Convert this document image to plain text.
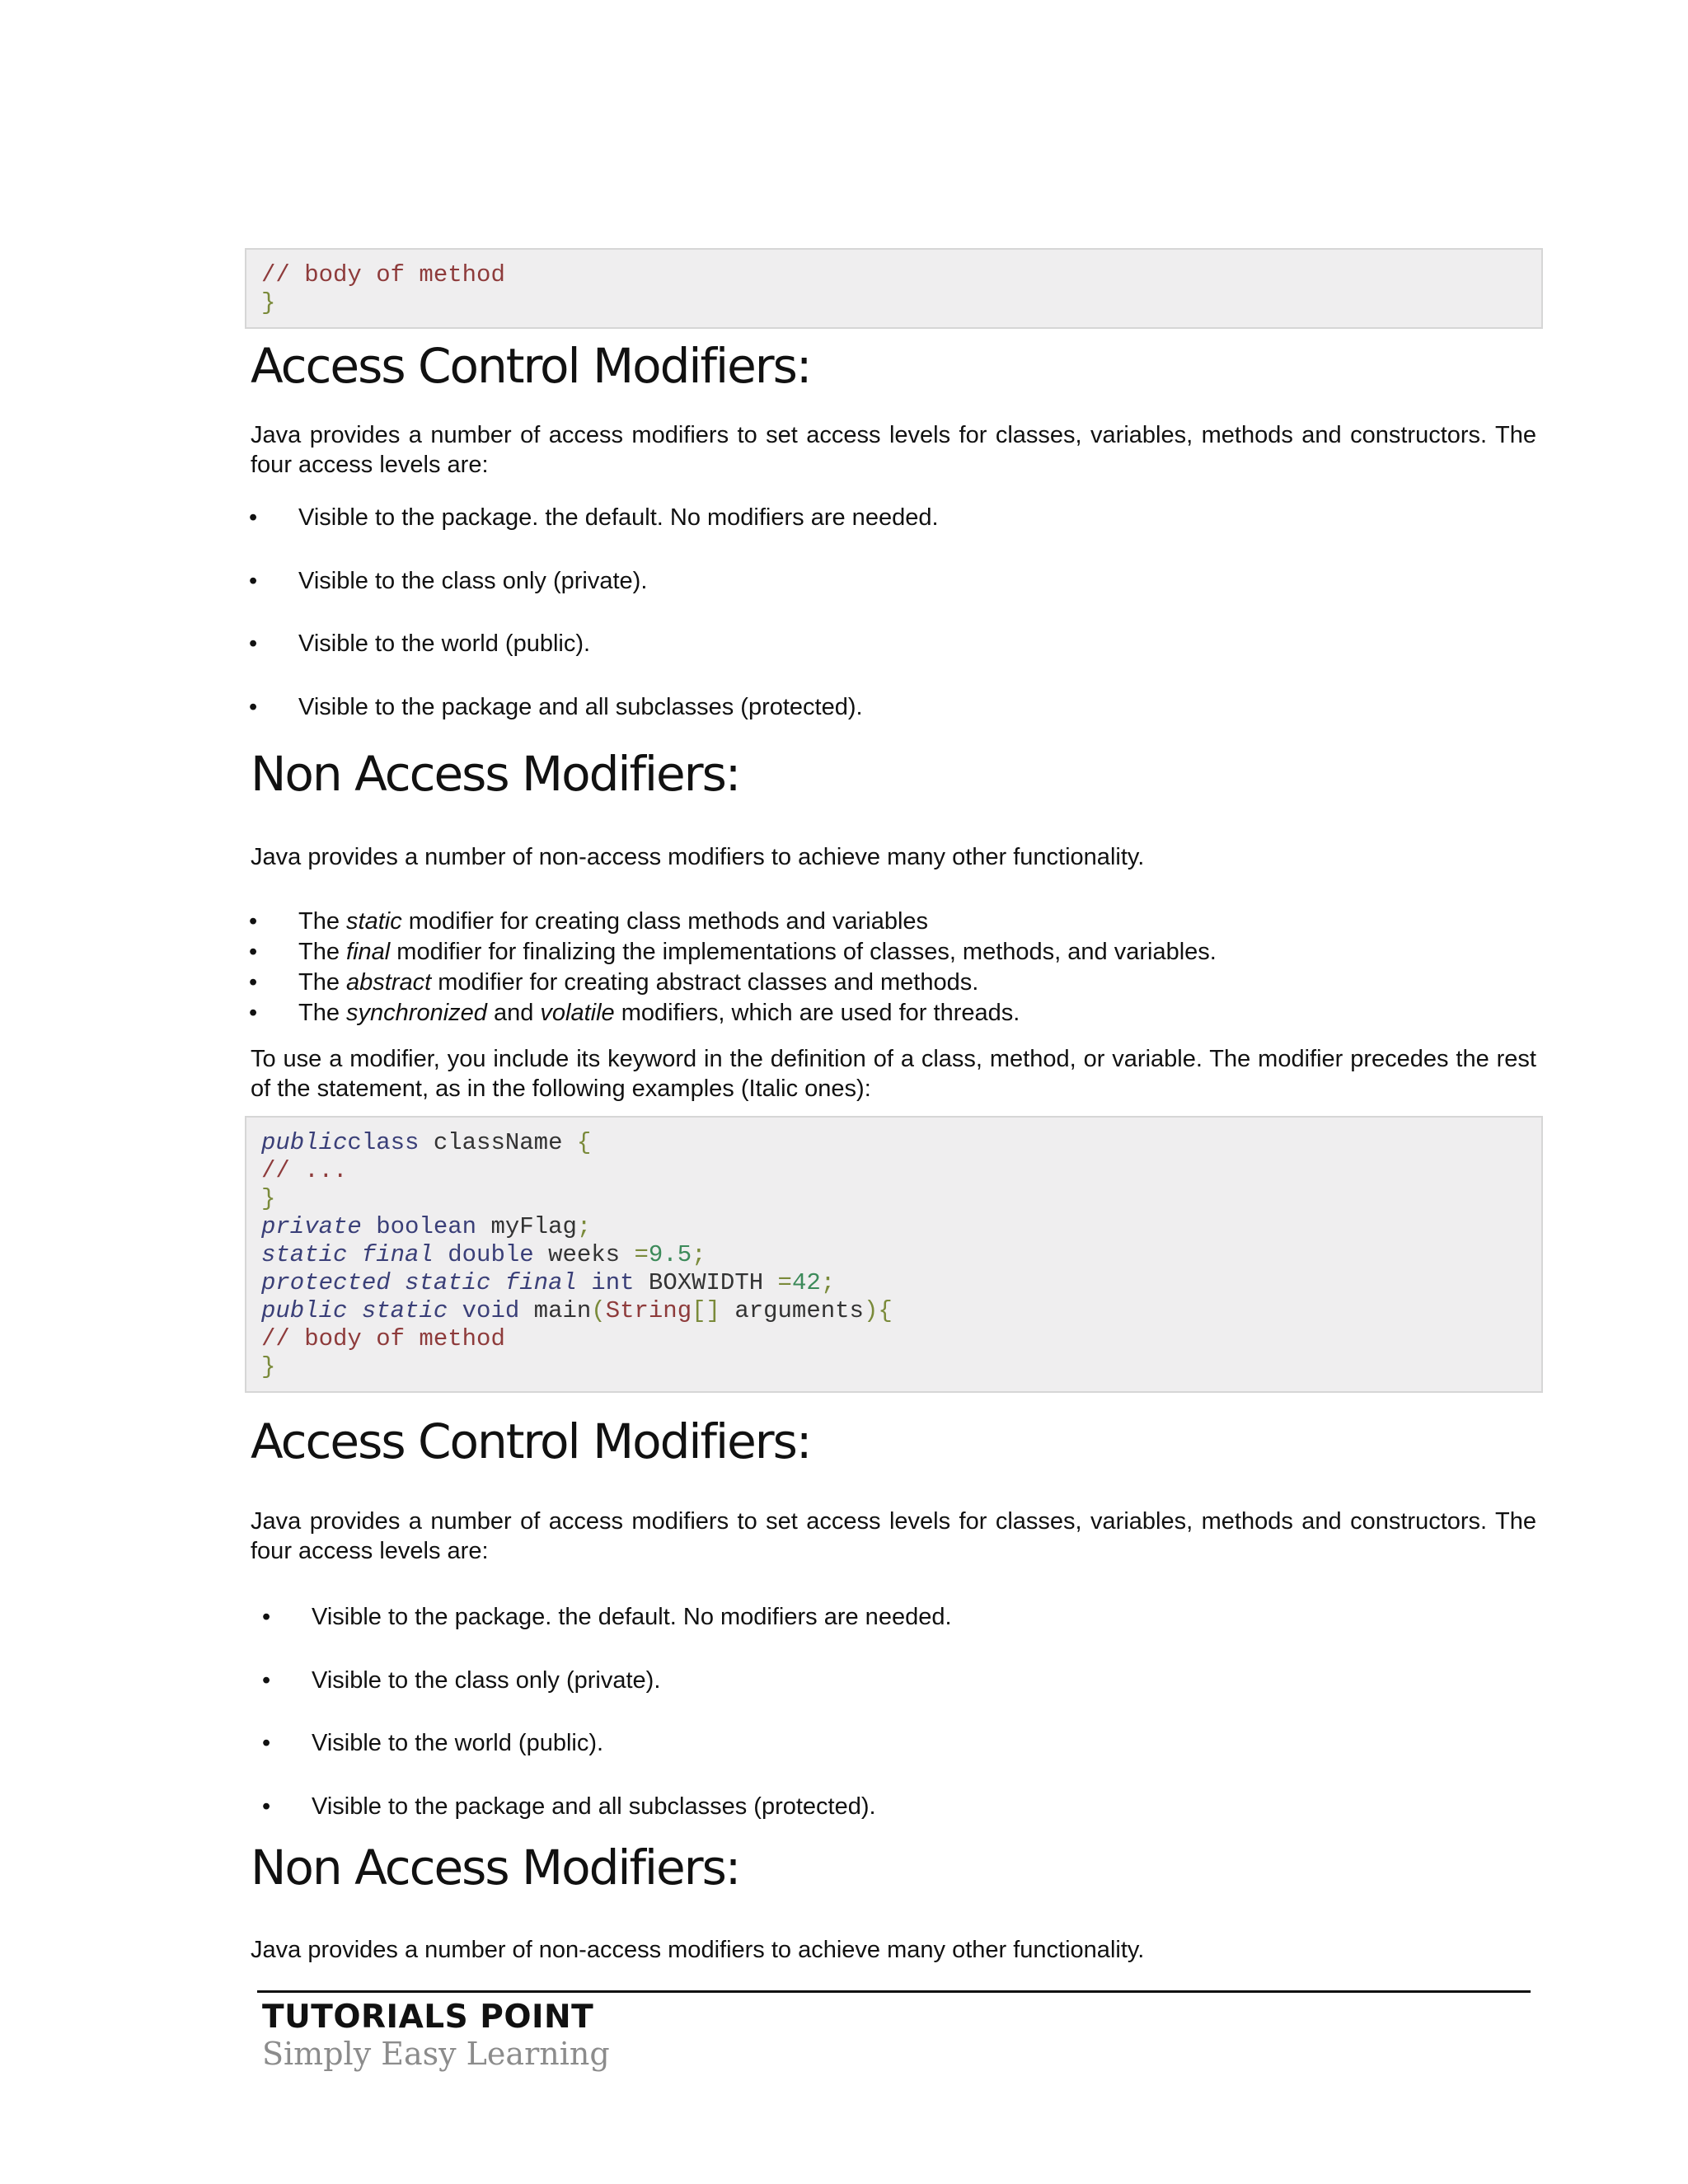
// body of method
}
Access Control Modifiers:

Java provides a number of access modifiers to set access levels for classes, variables, methods and constructors. The four access levels are:

• Visible to the package. the default. No modifiers are needed.
• Visible to the class only (private).
• Visible to the world (public).
• Visible to the package and all subclasses (protected).
Non Access Modifiers:

Java provides a number of non-access modifiers to achieve many other functionality.

• The static modifier for creating class methods and variables
• The final modifier for finalizing the implementations of classes, methods, and variables.
• The abstract modifier for creating abstract classes and methods.
• The synchronized and volatile modifiers, which are used for threads.

To use a modifier, you include its keyword in the definition of a class, method, or variable. The modifier precedes the rest of the statement, as in the following examples (Italic ones):

publicclass className {
// ...
}
private boolean myFlag;
static final double weeks =9.5;
protected static final int BOXWIDTH =42;
public static void main(String[] arguments){
// body of method
}
Access Control Modifiers:

Java provides a number of access modifiers to set access levels for classes, variables, methods and constructors. The four access levels are:

• Visible to the package. the default. No modifiers are needed.
• Visible to the class only (private).
• Visible to the world (public).
• Visible to the package and all subclasses (protected).
Non Access Modifiers:

Java provides a number of non-access modifiers to achieve many other functionality.

TUTORIALS POINT
Simply Easy Learning
